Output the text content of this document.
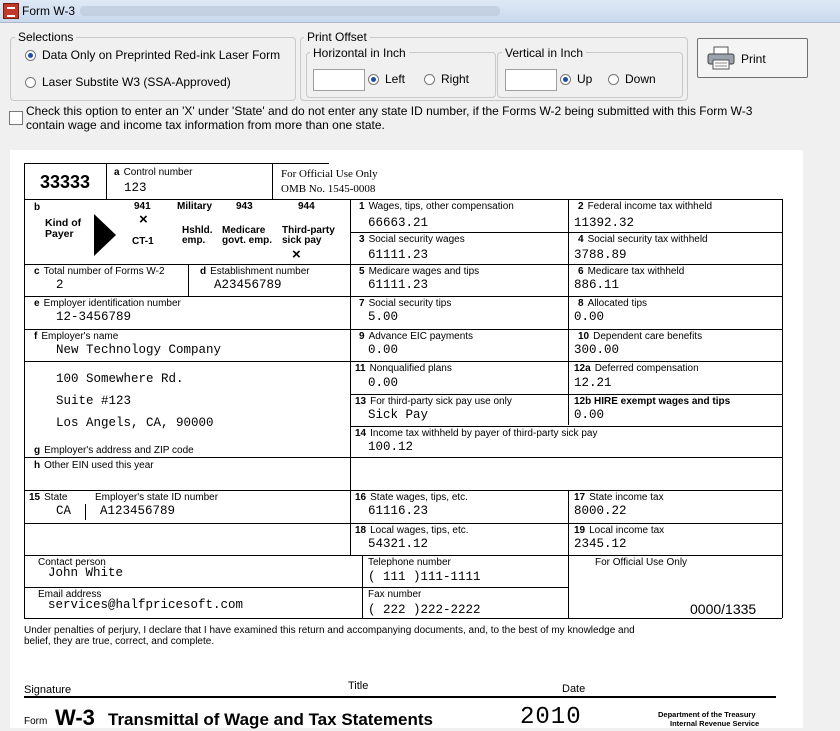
Form W-3
Selections
Data Only on Preprinted Red-ink Laser Form
Laser Substite W3 (SSA-Approved)
Print Offset
Horizontal in Inch
Left	Right
Vertical in Inch
Up	Down
Print
Check this option to enter an 'X' under 'State' and do not enter any state ID number, if the Forms W-2 being submitted with this Form W-3 contain wage and income tax information from more than one state.
33333 a Control number
123
For Official Use Only
OMB No. 1545-0008
b
Kind of Payer
941	Military 943	944
×
CT-1
Hshld. emp.
Medicare govt. emp.
Third-party sick pay
×
1 Wages, tips, other compensation
66663.21
2 Federal income tax withheld
11392.32
3 Social security wages
61111.23
4 Social security tax withheld
3788.89
c Total number of Forms W-2
2
d Establishment number
A23456789
5 Medicare wages and tips
61111.23
6 Medicare tax withheld
886.11
e Employer identification number
12-3456789
7 Social security tips
5.00
8 Allocated tips
0.00
f Employer's name
New Technology Company
9 Advance EIC payments
0.00
10 Dependent care benefits
300.00
100 Somewhere Rd.
Suite #123
Los Angels, CA, 90000
g Employer's address and ZIP code
11 Nonqualified plans
0.00
12a Deferred compensation
12.21
13 For third-party sick pay use only
Sick Pay
12b HIRE exempt wages and tips
0.00
14 Income tax withheld by payer of third-party sick pay
100.12
h Other EIN used this year
15 State	Employer's state ID number
CA A123456789
16 State wages, tips, etc.
61116.23
17 State income tax
8000.22
18 Local wages, tips, etc.
54321.12
19 Local income tax
2345.12
Contact person
John White
Telephone number
( 111 )111-1111
For Official Use Only
Email address
services@halfpricesoft.com
Fax number
( 222 )222-2222	0000/1335
Under penalties of perjury, I declare that I have examined this return and accompanying documents, and, to the best of my knowledge and belief, they are true, correct, and complete.
Signature	Title	Date
Form W-3 Transmittal of Wage and Tax Statements	2010	Department of the Treasury
Internal Revenue Service
